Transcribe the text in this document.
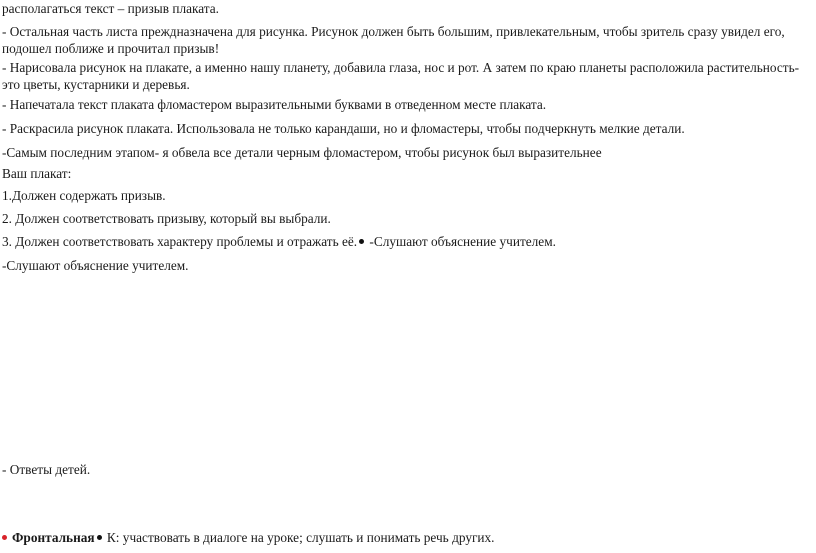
располагаться текст – призыв плаката.
- Остальная часть листа преждназначена для рисунка. Рисунок должен быть большим, привлекательным, чтобы зритель сразу увидел его, подошел поближе и прочитал призыв!
- Нарисовала рисунок на плакате, а именно нашу планету, добавила глаза, нос и рот. А затем по краю планеты расположила растительность-это цветы, кустарники и деревья.
- Напечатала текст плаката фломастером выразительными буквами в отведенном месте плаката.
- Раскрасила рисунок плаката. Использовала не только карандаши, но и фломастеры, чтобы подчеркнуть мелкие детали.
-Самым последним этапом- я обвела все детали черным фломастером, чтобы рисунок был выразительнее
Ваш плакат:
1.Должен содержать призыв.
2. Должен соответствовать призыву, который вы выбрали.
3. Должен соответствовать характеру проблемы и отражать её. -Слушают объяснение учителем.
-Слушают объяснение учителем.
- Ответы детей.
Фронтальная К: участвовать в диалоге на уроке; слушать и понимать речь других.
